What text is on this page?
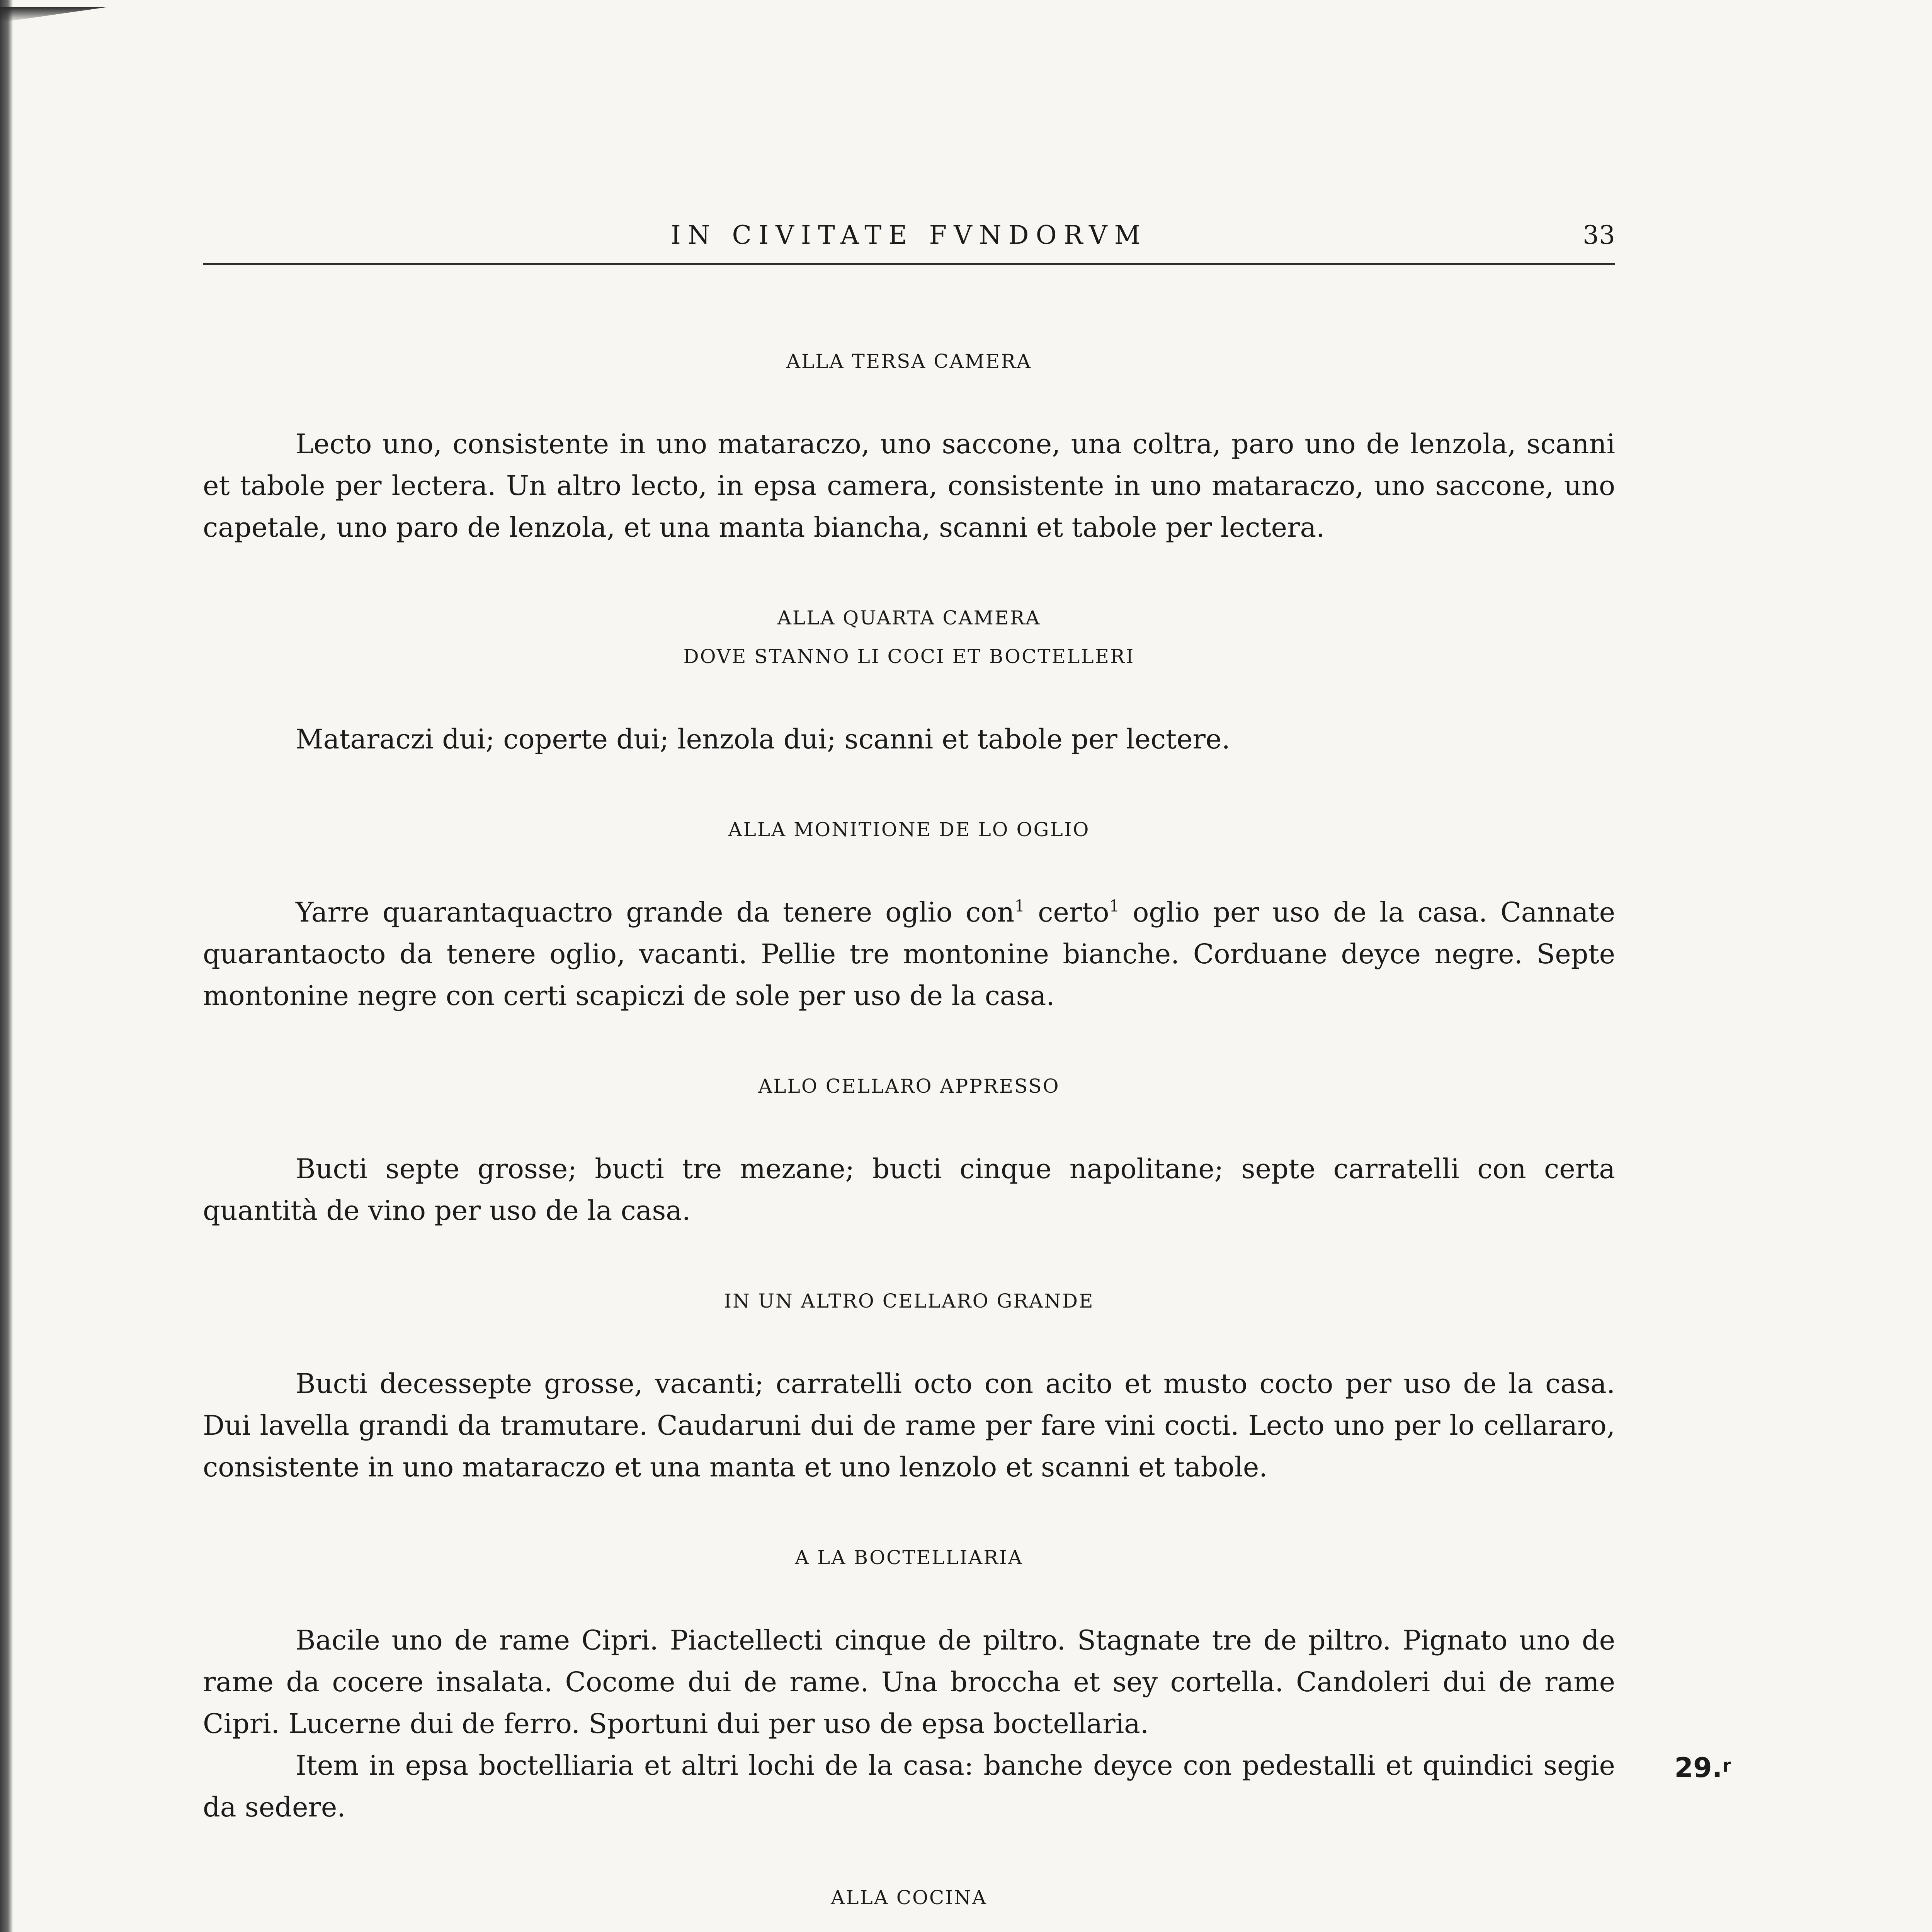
IN CIVITATE FVNDORVM	33
ALLA TERSA CAMERA

Lecto uno, consistente in uno mataraczo, uno saccone, una coltra, paro uno de lenzola, scanni et tabole per lectera. Un altro lecto, in epsa camera, consistente in uno mataraczo, uno saccone, uno capetale, uno paro de lenzola, et una manta biancha, scanni et tabole per lectera.

ALLA QUARTA CAMERA
DOVE STANNO LI COCI ET BOCTELLERI

Mataraczi dui; coperte dui; lenzola dui; scanni et tabole per lectere.

ALLA MONITIONE DE LO OGLIO

Yarre quarantaquactro grande da tenere oglio con$^1$ certo$^1$ oglio per uso de la casa. Cannate quarantaocto da tenere oglio, vacanti. Pellie tre montonine bianche. Corduane deyce negre. Septe montonine negre con certi scapiczi de sole per uso de la casa.

ALLO CELLARO APPRESSO

Bucti septe grosse; bucti tre mezane; bucti cinque napolitane; septe carratelli con certa quantità de vino per uso de la casa.

IN UN ALTRO CELLARO GRANDE

Bucti decessepte grosse, vacanti; carratelli octo con acito et musto cocto per uso de la casa. Dui lavella grandi da tramutare. Caudaruni dui de rame per fare vini cocti. Lecto uno per lo cellararo, consistente in uno mataraczo et una manta et uno lenzolo et scanni et tabole.

A LA BOCTELLIARIA

Bacile uno de rame Cipri. Piactellecti cinque de piltro. Stagnate tre de piltro. Pignato uno de rame da cocere insalata. Cocome dui de rame. Una broccha et sey cortella. Candoleri dui de rame Cipri. Lucerne dui de ferro. Sportuni dui per uso de epsa boctellaria.

Item in epsa boctelliaria et altri lochi de la casa: banche deyce con pedestalli et quindici segie da sedere.
29.$^r$

ALLA COCINA
